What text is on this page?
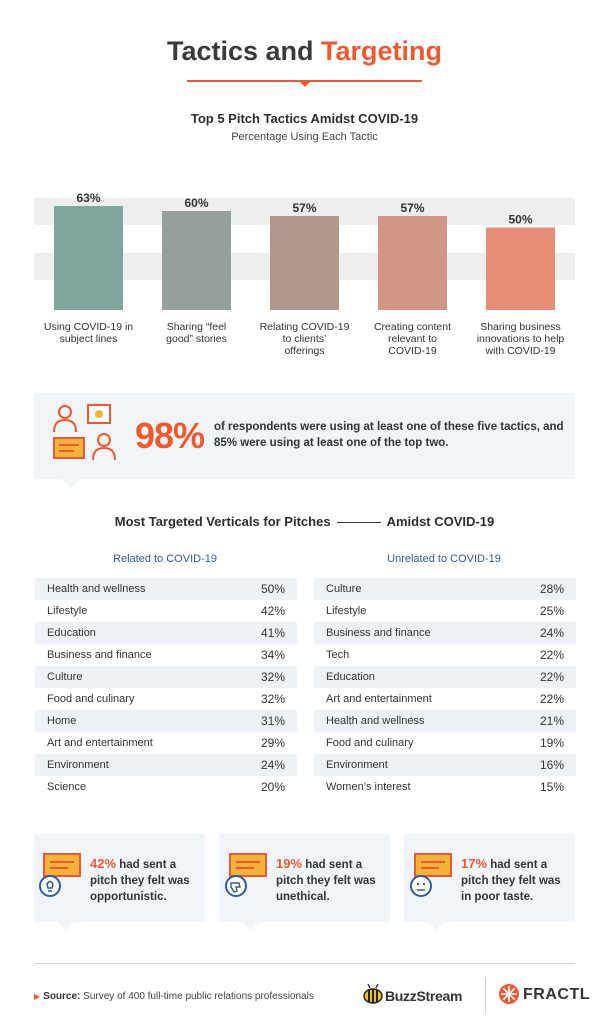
Tactics and Targeting
Top 5 Pitch Tactics Amidst COVID-19
Percentage Using Each Tactic
63%
Using COVID-19 in subject lines
60%
Sharing “feel good” stories
57%
Relating COVID-19 to clients’ offerings
57%
Creating content relevant to COVID-19
50%
Sharing business innovations to help with COVID-19
98% of respondents were using at least one of these five tactics, and 85% were using at least one of the top two.
Most Targeted Verticals for Pitches	Amidst COVID-19
Related to COVID-19	Unrelated to COVID-19
Health and wellness	50%
Lifestyle	42%
Education	41%
Business and finance	34%
Culture	32%
Food and culinary	32%
Home	31%
Art and entertainment	29%
Environment	24%
Science	20%
Culture	28%
Lifestyle	25%
Business and finance	24%
Tech	22%
Education	22%
Art and entertainment	22%
Health and wellness	21%
Food and culinary	19%
Environment	16%
Women’s interest	15%
42% had sent a pitch they felt was opportunistic.
19% had sent a pitch they felt was unethical.
17% had sent a pitch they felt was in poor taste.
▶ Source: Survey of 400 full-time public relations professionals	BuzzStream	FRACTL
